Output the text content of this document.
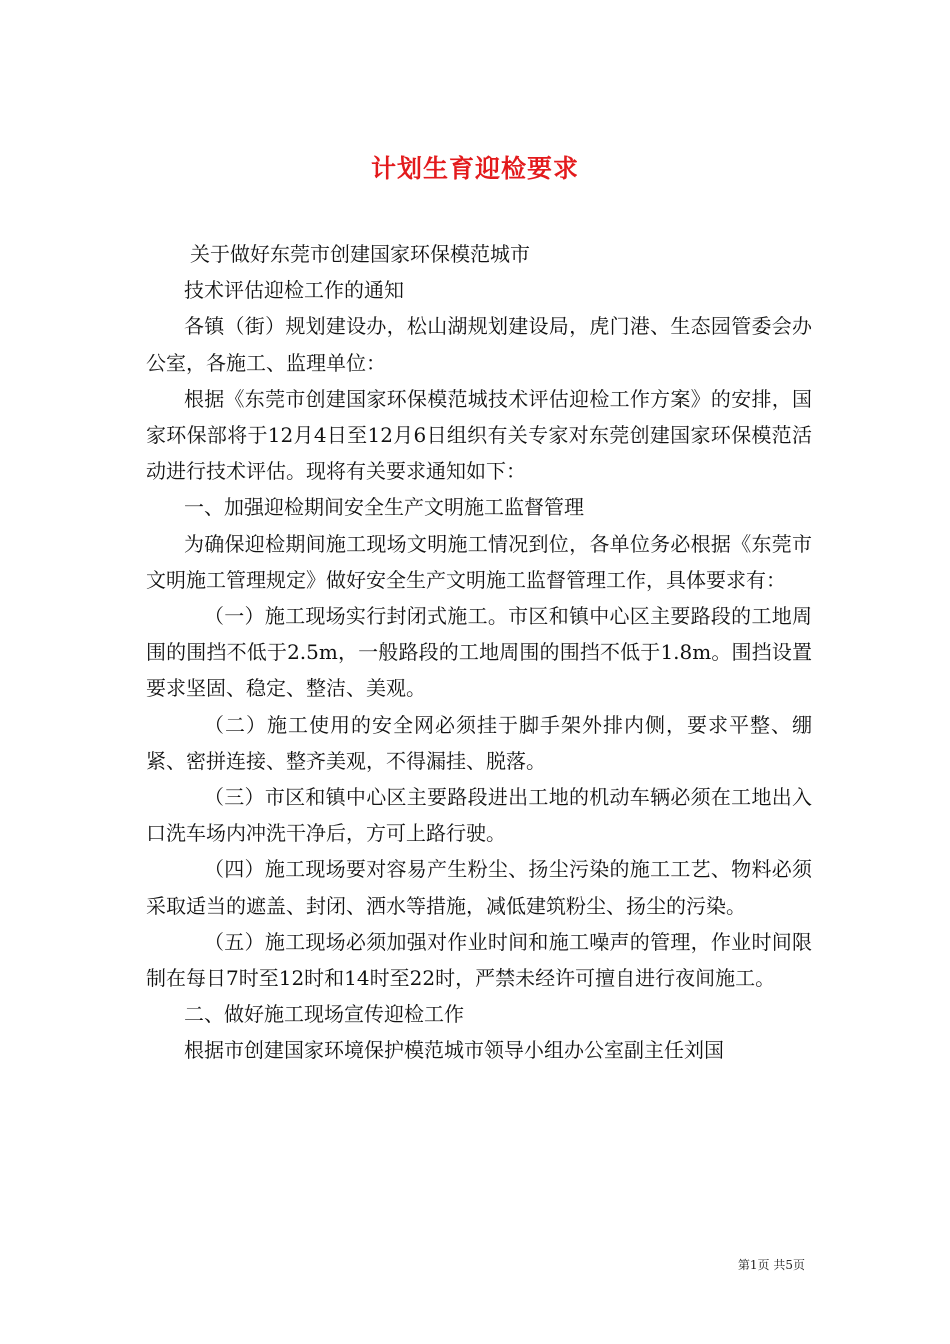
计划生育迎检要求

关于做好东莞市创建国家环保模范城市

技术评估迎检工作的通知

各镇（街）规划建设办，松山湖规划建设局，虎门港、生态园管委会办公室，各施工、监理单位：

根据《东莞市创建国家环保模范城技术评估迎检工作方案》的安排，国家环保部将于12月4日至12月6日组织有关专家对东莞创建国家环保模范活动进行技术评估。现将有关要求通知如下：

一、加强迎检期间安全生产文明施工监督管理

为确保迎检期间施工现场文明施工情况到位，各单位务必根据《东莞市文明施工管理规定》做好安全生产文明施工监督管理工作，具体要求有：

（一）施工现场实行封闭式施工。市区和镇中心区主要路段的工地周围的围挡不低于2.5m，一般路段的工地周围的围挡不低于1.8m。围挡设置要求坚固、稳定、整洁、美观。

（二）施工使用的安全网必须挂于脚手架外排内侧，要求平整、绷紧、密拼连接、整齐美观，不得漏挂、脱落。

（三）市区和镇中心区主要路段进出工地的机动车辆必须在工地出入口洗车场内冲洗干净后，方可上路行驶。

（四）施工现场要对容易产生粉尘、扬尘污染的施工工艺、物料必须采取适当的遮盖、封闭、洒水等措施，减低建筑粉尘、扬尘的污染。

（五）施工现场必须加强对作业时间和施工噪声的管理，作业时间限制在每日7时至12时和14时至22时，严禁未经许可擅自进行夜间施工。

二、做好施工现场宣传迎检工作

根据市创建国家环境保护模范城市领导小组办公室副主任刘国

第1页 共5页
